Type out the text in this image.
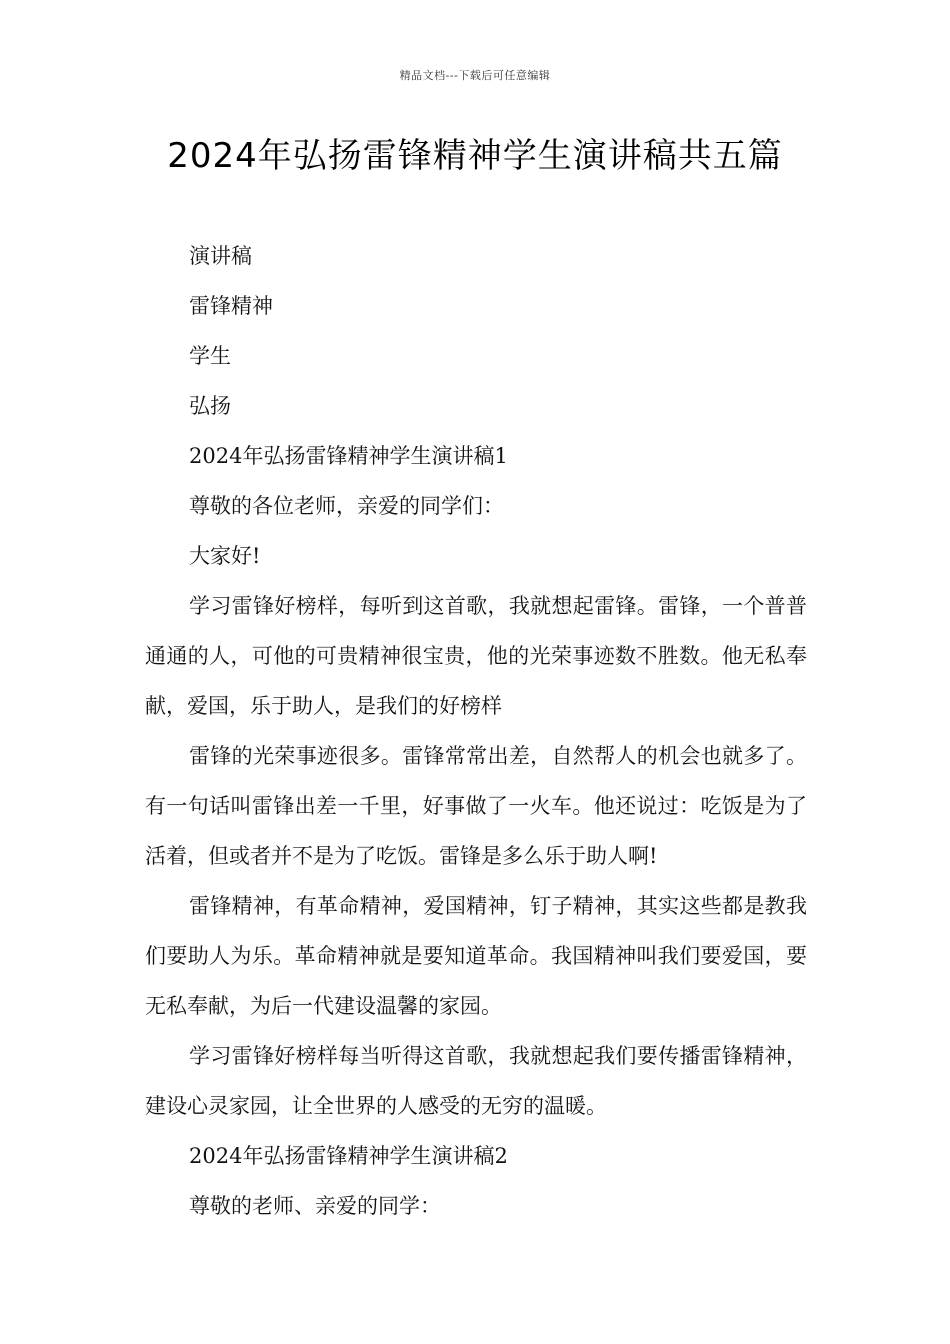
精品文档---下载后可任意编辑
2024年弘扬雷锋精神学生演讲稿共五篇

演讲稿

雷锋精神

学生

弘扬

2024年弘扬雷锋精神学生演讲稿1

尊敬的各位老师，亲爱的同学们：

大家好!

学习雷锋好榜样，每听到这首歌，我就想起雷锋。雷锋，一个普普通通的人，可他的可贵精神很宝贵，他的光荣事迹数不胜数。他无私奉献，爱国，乐于助人，是我们的好榜样

雷锋的光荣事迹很多。雷锋常常出差，自然帮人的机会也就多了。有一句话叫雷锋出差一千里，好事做了一火车。他还说过：吃饭是为了活着，但或者并不是为了吃饭。雷锋是多么乐于助人啊!

雷锋精神，有革命精神，爱国精神，钉子精神，其实这些都是教我们要助人为乐。革命精神就是要知道革命。我国精神叫我们要爱国，要无私奉献，为后一代建设温馨的家园。

学习雷锋好榜样每当听得这首歌，我就想起我们要传播雷锋精神，建设心灵家园，让全世界的人感受的无穷的温暖。

2024年弘扬雷锋精神学生演讲稿2

尊敬的老师、亲爱的同学：
